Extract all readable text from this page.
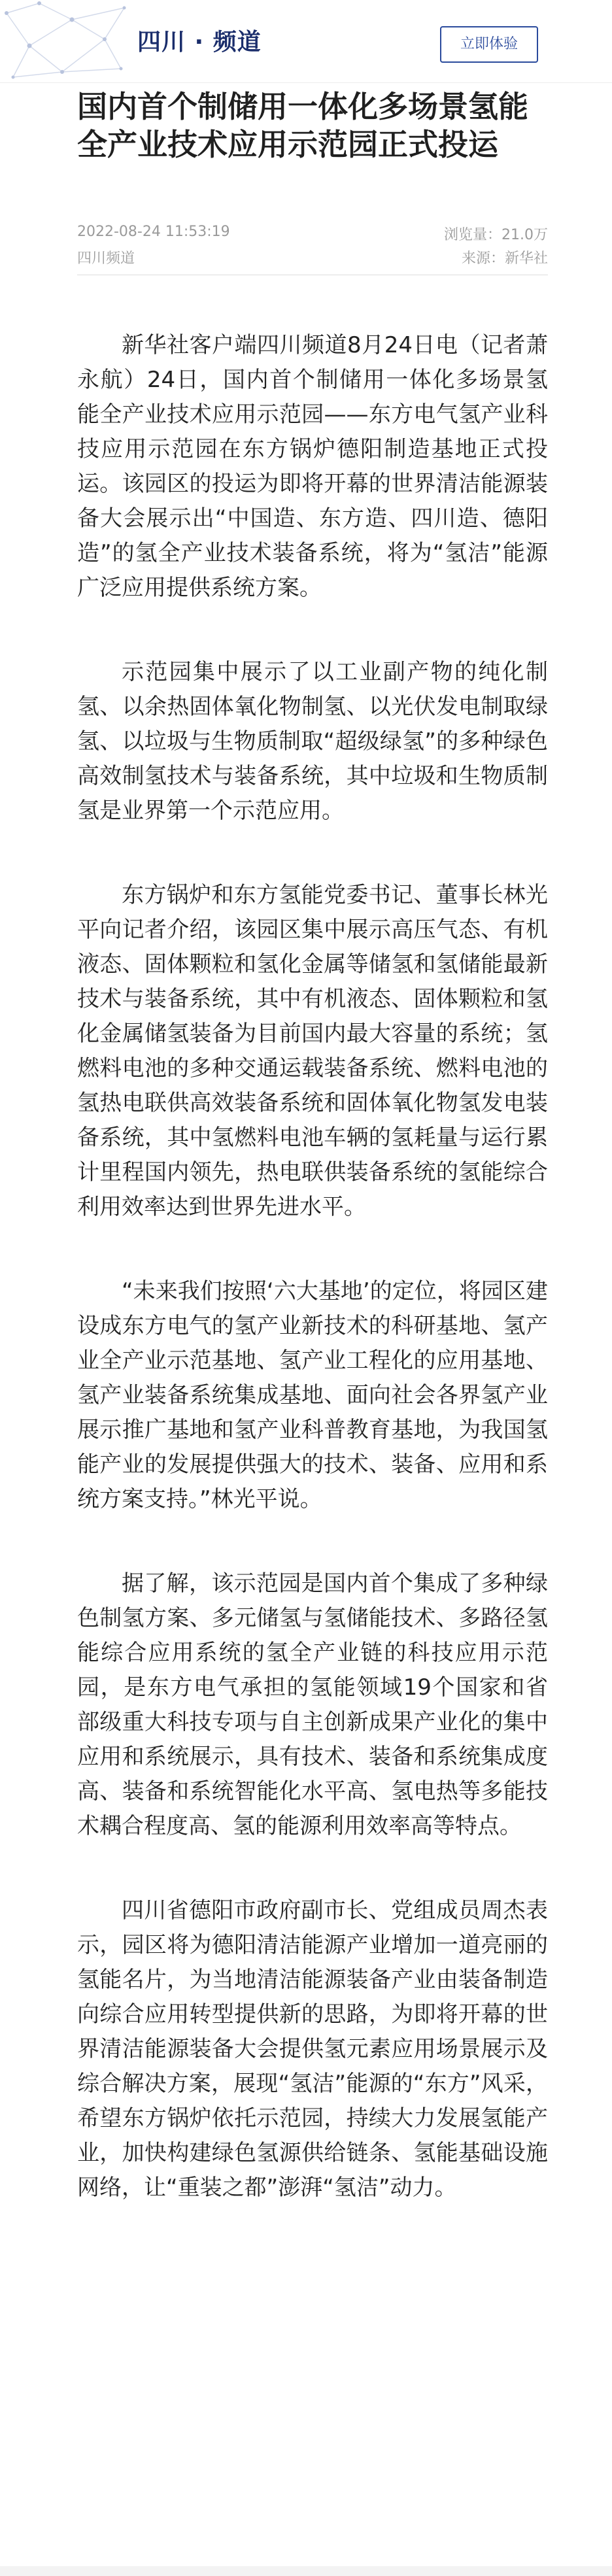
四川 · 频道	立即体验
国内首个制储用一体化多场景氢能全产业技术应用示范园正式投运
2022-08-24 11:53:19	浏览量：21.0万
四川频道	来源：新华社

新华社客户端四川频道8月24日电（记者萧永航）24日，国内首个制储用一体化多场景氢能全产业技术应用示范园——东方电气氢产业科技应用示范园在东方锅炉德阳制造基地正式投运。该园区的投运为即将开幕的世界清洁能源装备大会展示出“中国造、东方造、四川造、德阳造”的氢全产业技术装备系统，将为“氢洁”能源广泛应用提供系统方案。

示范园集中展示了以工业副产物的纯化制氢、以余热固体氧化物制氢、以光伏发电制取绿氢、以垃圾与生物质制取“超级绿氢”的多种绿色高效制氢技术与装备系统，其中垃圾和生物质制氢是业界第一个示范应用。

东方锅炉和东方氢能党委书记、董事长林光平向记者介绍，该园区集中展示高压气态、有机液态、固体颗粒和氢化金属等储氢和氢储能最新技术与装备系统，其中有机液态、固体颗粒和氢化金属储氢装备为目前国内最大容量的系统；氢燃料电池的多种交通运载装备系统、燃料电池的氢热电联供高效装备系统和固体氧化物氢发电装备系统，其中氢燃料电池车辆的氢耗量与运行累计里程国内领先，热电联供装备系统的氢能综合利用效率达到世界先进水平。

“未来我们按照‘六大基地’的定位，将园区建设成东方电气的氢产业新技术的科研基地、氢产业全产业示范基地、氢产业工程化的应用基地、氢产业装备系统集成基地、面向社会各界氢产业展示推广基地和氢产业科普教育基地，为我国氢能产业的发展提供强大的技术、装备、应用和系统方案支持。”林光平说。

据了解，该示范园是国内首个集成了多种绿色制氢方案、多元储氢与氢储能技术、多路径氢能综合应用系统的氢全产业链的科技应用示范园，是东方电气承担的氢能领域19个国家和省部级重大科技专项与自主创新成果产业化的集中应用和系统展示，具有技术、装备和系统集成度高、装备和系统智能化水平高、氢电热等多能技术耦合程度高、氢的能源利用效率高等特点。

四川省德阳市政府副市长、党组成员周杰表示，园区将为德阳清洁能源产业增加一道亮丽的氢能名片，为当地清洁能源装备产业由装备制造向综合应用转型提供新的思路，为即将开幕的世界清洁能源装备大会提供氢元素应用场景展示及综合解决方案，展现“氢洁”能源的“东方”风采，希望东方锅炉依托示范园，持续大力发展氢能产业，加快构建绿色氢源供给链条、氢能基础设施网络，让“重装之都”澎湃“氢洁”动力。
